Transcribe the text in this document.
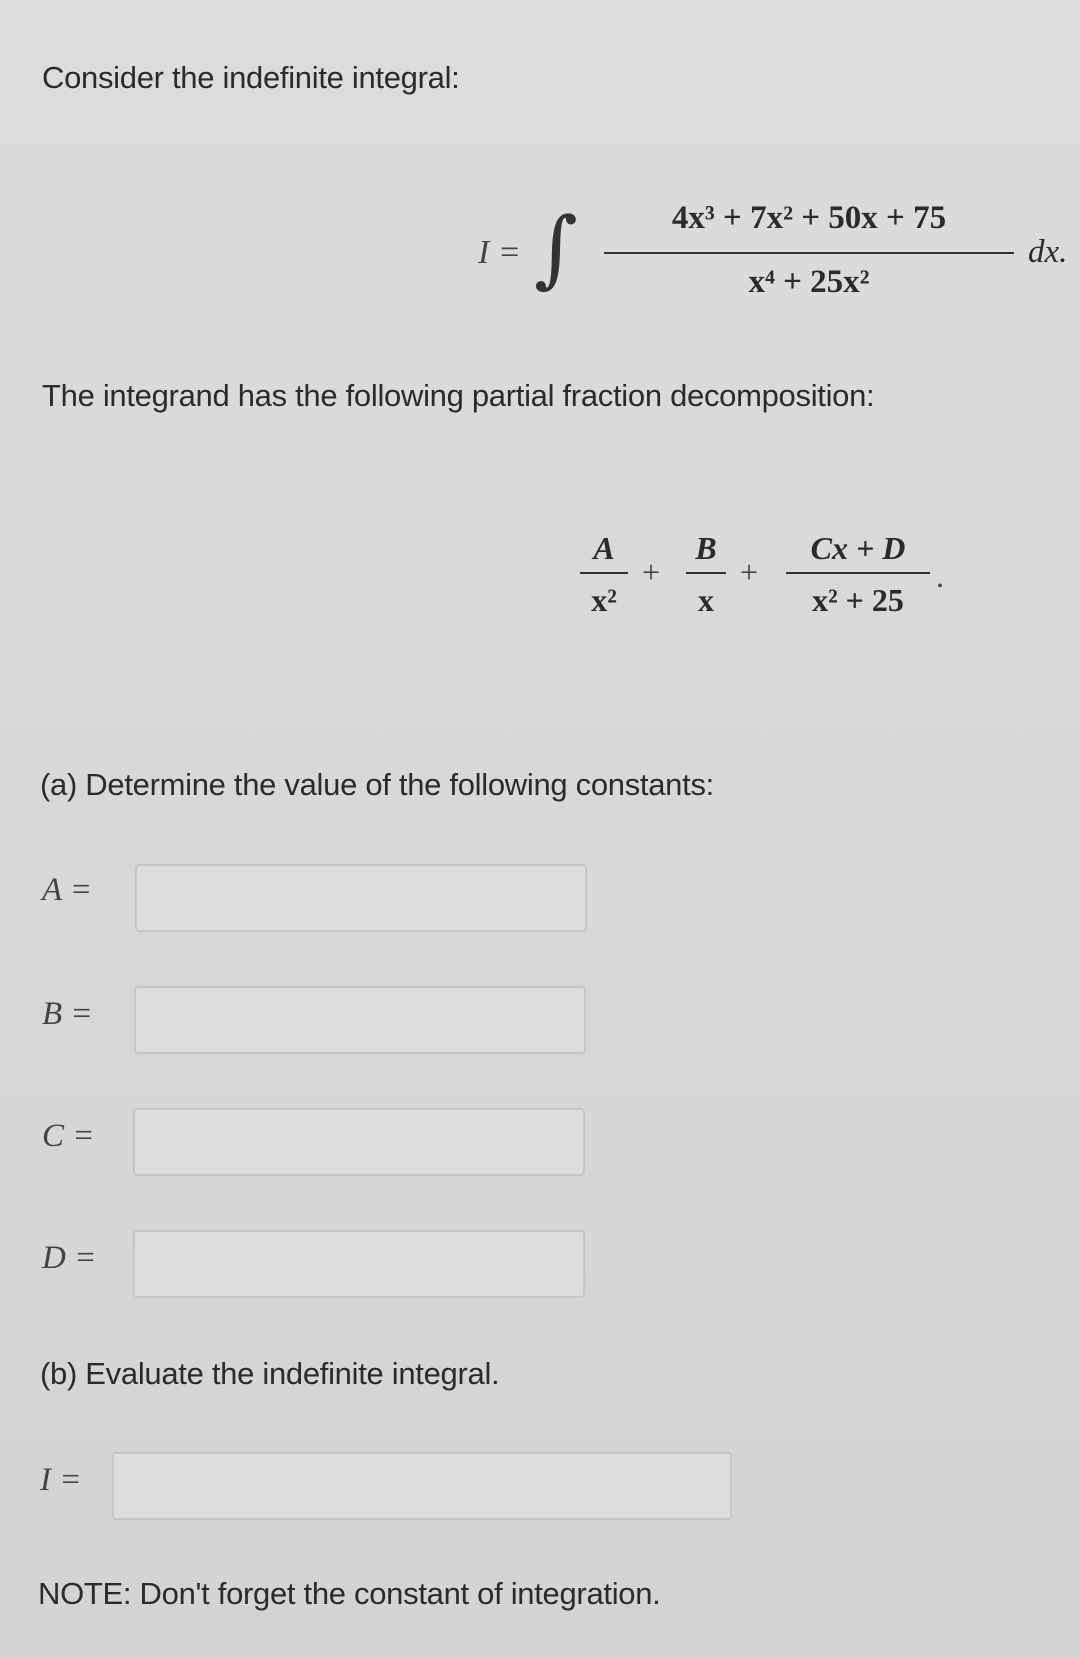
Consider the indefinite integral:
I = ∫	4x³ + 7x² + 50x + 75
x⁴ + 25x²
dx.
The integrand has the following partial fraction decomposition:
A
x²
+
B
x
+
Cx + D
x² + 25
.
(a) Determine the value of the following constants:
A =
B =
C =
D =
(b) Evaluate the indefinite integral.
I =
NOTE: Don't forget the constant of integration.
